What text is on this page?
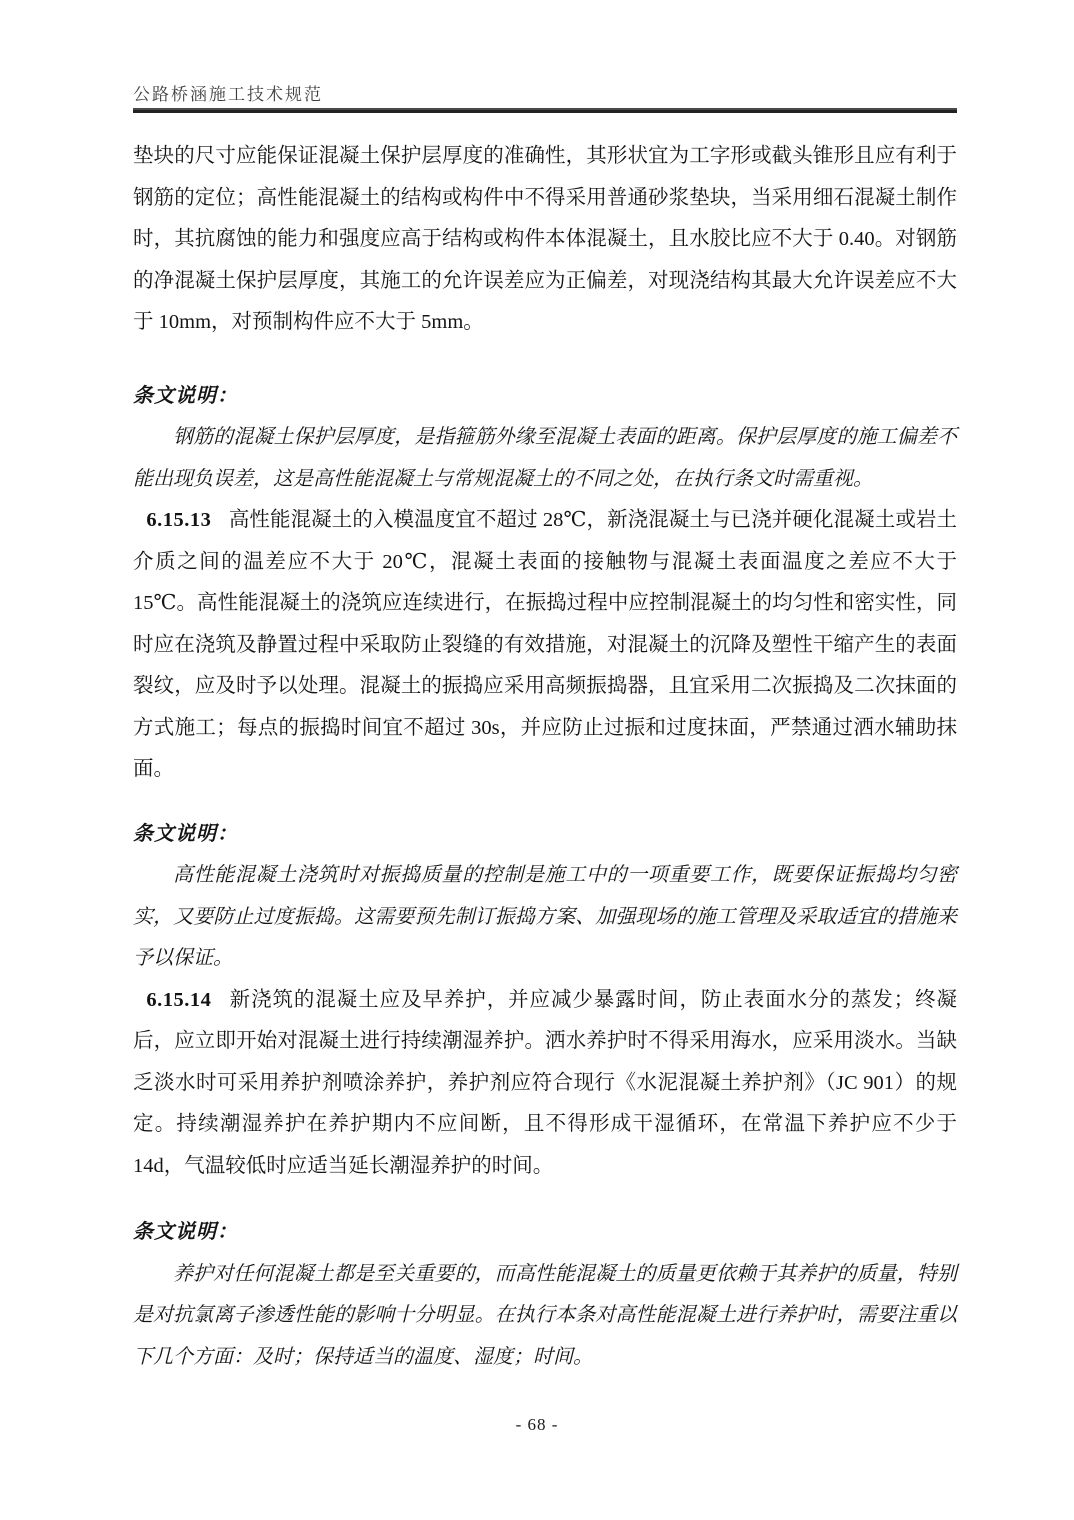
公路桥涵施工技术规范

垫块的尺寸应能保证混凝土保护层厚度的准确性，其形状宜为工字形或截头锥形且应有利于钢筋的定位；高性能混凝土的结构或构件中不得采用普通砂浆垫块，当采用细石混凝土制作时，其抗腐蚀的能力和强度应高于结构或构件本体混凝土，且水胶比应不大于 0.40。对钢筋的净混凝土保护层厚度，其施工的允许误差应为正偏差，对现浇结构其最大允许误差应不大于 10mm，对预制构件应不大于 5mm。

条文说明：

钢筋的混凝土保护层厚度，是指箍筋外缘至混凝土表面的距离。保护层厚度的施工偏差不能出现负误差，这是高性能混凝土与常规混凝土的不同之处，在执行条文时需重视。

6.15.13 高性能混凝土的入模温度宜不超过 28℃，新浇混凝土与已浇并硬化混凝土或岩土介质之间的温差应不大于 20℃，混凝土表面的接触物与混凝土表面温度之差应不大于15℃。高性能混凝土的浇筑应连续进行，在振捣过程中应控制混凝土的均匀性和密实性，同时应在浇筑及静置过程中采取防止裂缝的有效措施，对混凝土的沉降及塑性干缩产生的表面裂纹，应及时予以处理。混凝土的振捣应采用高频振捣器，且宜采用二次振捣及二次抹面的方式施工；每点的振捣时间宜不超过 30s，并应防止过振和过度抹面，严禁通过洒水辅助抹面。

条文说明：

高性能混凝土浇筑时对振捣质量的控制是施工中的一项重要工作，既要保证振捣均匀密实，又要防止过度振捣。这需要预先制订振捣方案、加强现场的施工管理及采取适宜的措施来予以保证。

6.15.14 新浇筑的混凝土应及早养护，并应减少暴露时间，防止表面水分的蒸发；终凝后，应立即开始对混凝土进行持续潮湿养护。洒水养护时不得采用海水，应采用淡水。当缺乏淡水时可采用养护剂喷涂养护，养护剂应符合现行《水泥混凝土养护剂》（JC 901）的规定。持续潮湿养护在养护期内不应间断，且不得形成干湿循环，在常温下养护应不少于14d，气温较低时应适当延长潮湿养护的时间。

条文说明：

养护对任何混凝土都是至关重要的，而高性能混凝土的质量更依赖于其养护的质量，特别是对抗氯离子渗透性能的影响十分明显。在执行本条对高性能混凝土进行养护时，需要注重以下几个方面：及时；保持适当的温度、湿度；时间。

- 68 -
